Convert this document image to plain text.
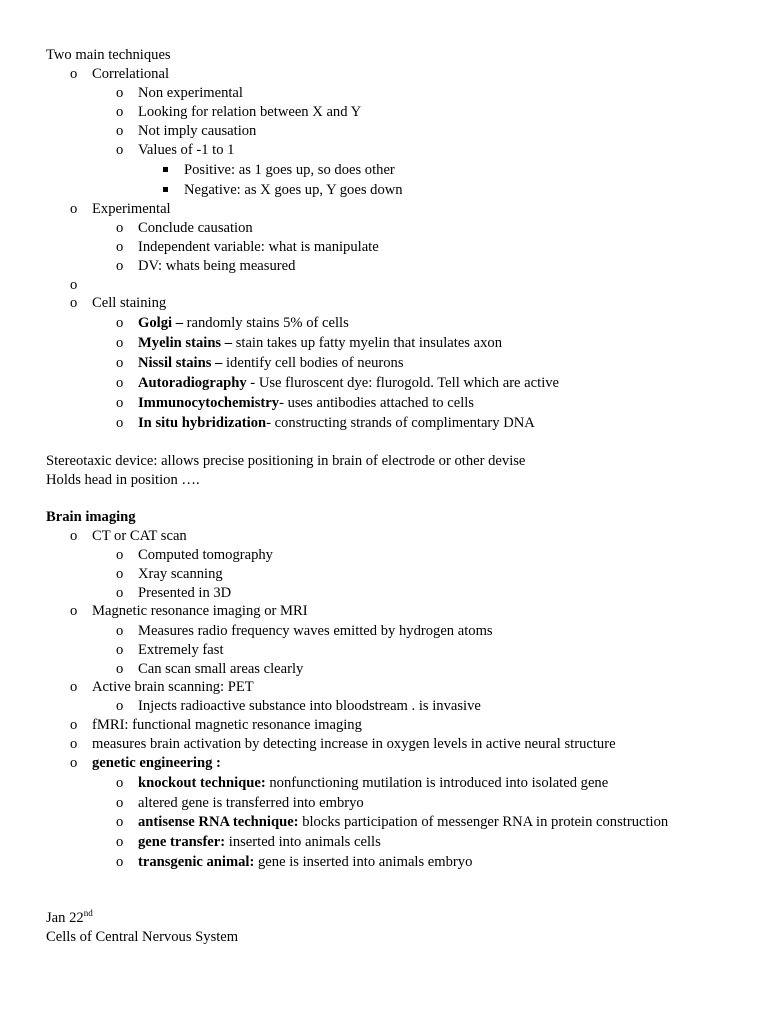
Two main techniques
o Correlational
o Non experimental
o Looking for relation between X and Y
o Not imply causation
o Values of -1 to 1
Positive: as 1 goes up, so does other
Negative: as X goes up, Y goes down
o Experimental
o Conclude causation
o Independent variable: what is manipulate
o DV: whats being measured
o
o Cell staining
o Golgi – randomly stains 5% of cells
o Myelin stains – stain takes up fatty myelin that insulates axon
o Nissil stains – identify cell bodies of neurons
o Autoradiography - Use fluroscent dye: flurogold. Tell which are active
o Immunocytochemistry- uses antibodies attached to cells
o In situ hybridization- constructing strands of complimentary DNA
Stereotaxic device: allows precise positioning in brain of electrode or other devise
Holds head in position ….
Brain imaging
o CT or CAT scan
o Computed tomography
o Xray scanning
o Presented in 3D
o Magnetic resonance imaging or MRI
o Measures radio frequency waves emitted by hydrogen atoms
o Extremely fast
o Can scan small areas clearly
o Active brain scanning: PET
o Injects radioactive substance into bloodstream . is invasive
o fMRI: functional magnetic resonance imaging
o measures brain activation by detecting increase in oxygen levels in active neural structure
o genetic engineering :
o knockout technique: nonfunctioning mutilation is introduced into isolated gene
o altered gene is transferred into embryo
o antisense RNA technique: blocks participation of messenger RNA in protein construction
o gene transfer: inserted into animals cells
o transgenic animal: gene is inserted into animals embryo
Jan 22nd
Cells of Central Nervous System
